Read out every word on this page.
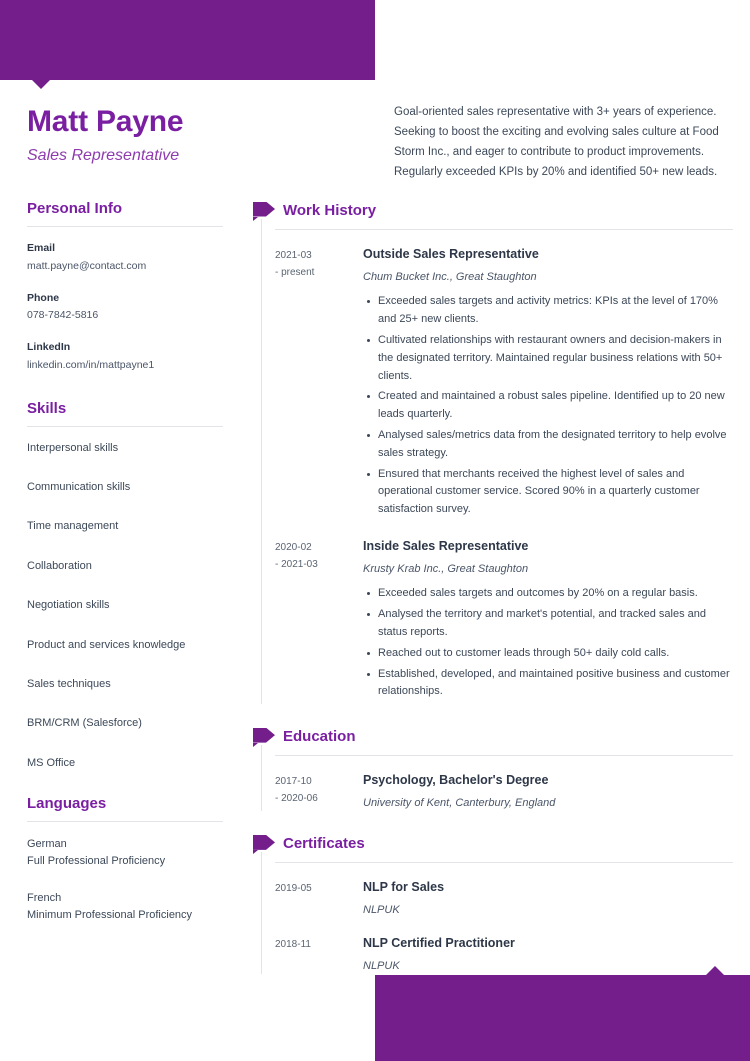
Matt Payne
Sales Representative
Goal-oriented sales representative with 3+ years of experience. Seeking to boost the exciting and evolving sales culture at Food Storm Inc., and eager to contribute to product improvements. Regularly exceeded KPIs by 20% and identified 50+ new leads.
Personal Info
Email
matt.payne@contact.com
Phone
078-7842-5816
LinkedIn
linkedin.com/in/mattpayne1
Skills
Interpersonal skills
Communication skills
Time management
Collaboration
Negotiation skills
Product and services knowledge
Sales techniques
BRM/CRM (Salesforce)
MS Office
Languages
German
Full Professional Proficiency
French
Minimum Professional Proficiency
Work History
2021-03
- present
Outside Sales Representative
Chum Bucket Inc., Great Staughton
Exceeded sales targets and activity metrics: KPIs at the level of 170% and 25+ new clients.
Cultivated relationships with restaurant owners and decision-makers in the designated territory. Maintained regular business relations with 50+ clients.
Created and maintained a robust sales pipeline. Identified up to 20 new leads quarterly.
Analysed sales/metrics data from the designated territory to help evolve sales strategy.
Ensured that merchants received the highest level of sales and operational customer service. Scored 90% in a quarterly customer satisfaction survey.
2020-02
- 2021-03
Inside Sales Representative
Krusty Krab Inc., Great Staughton
Exceeded sales targets and outcomes by 20% on a regular basis.
Analysed the territory and market's potential, and tracked sales and status reports.
Reached out to customer leads through 50+ daily cold calls.
Established, developed, and maintained positive business and customer relationships.
Education
2017-10
- 2020-06
Psychology, Bachelor's Degree
University of Kent, Canterbury, England
Certificates
2019-05	NLP for Sales
NLPUK
2018-11	NLP Certified Practitioner
NLPUK
